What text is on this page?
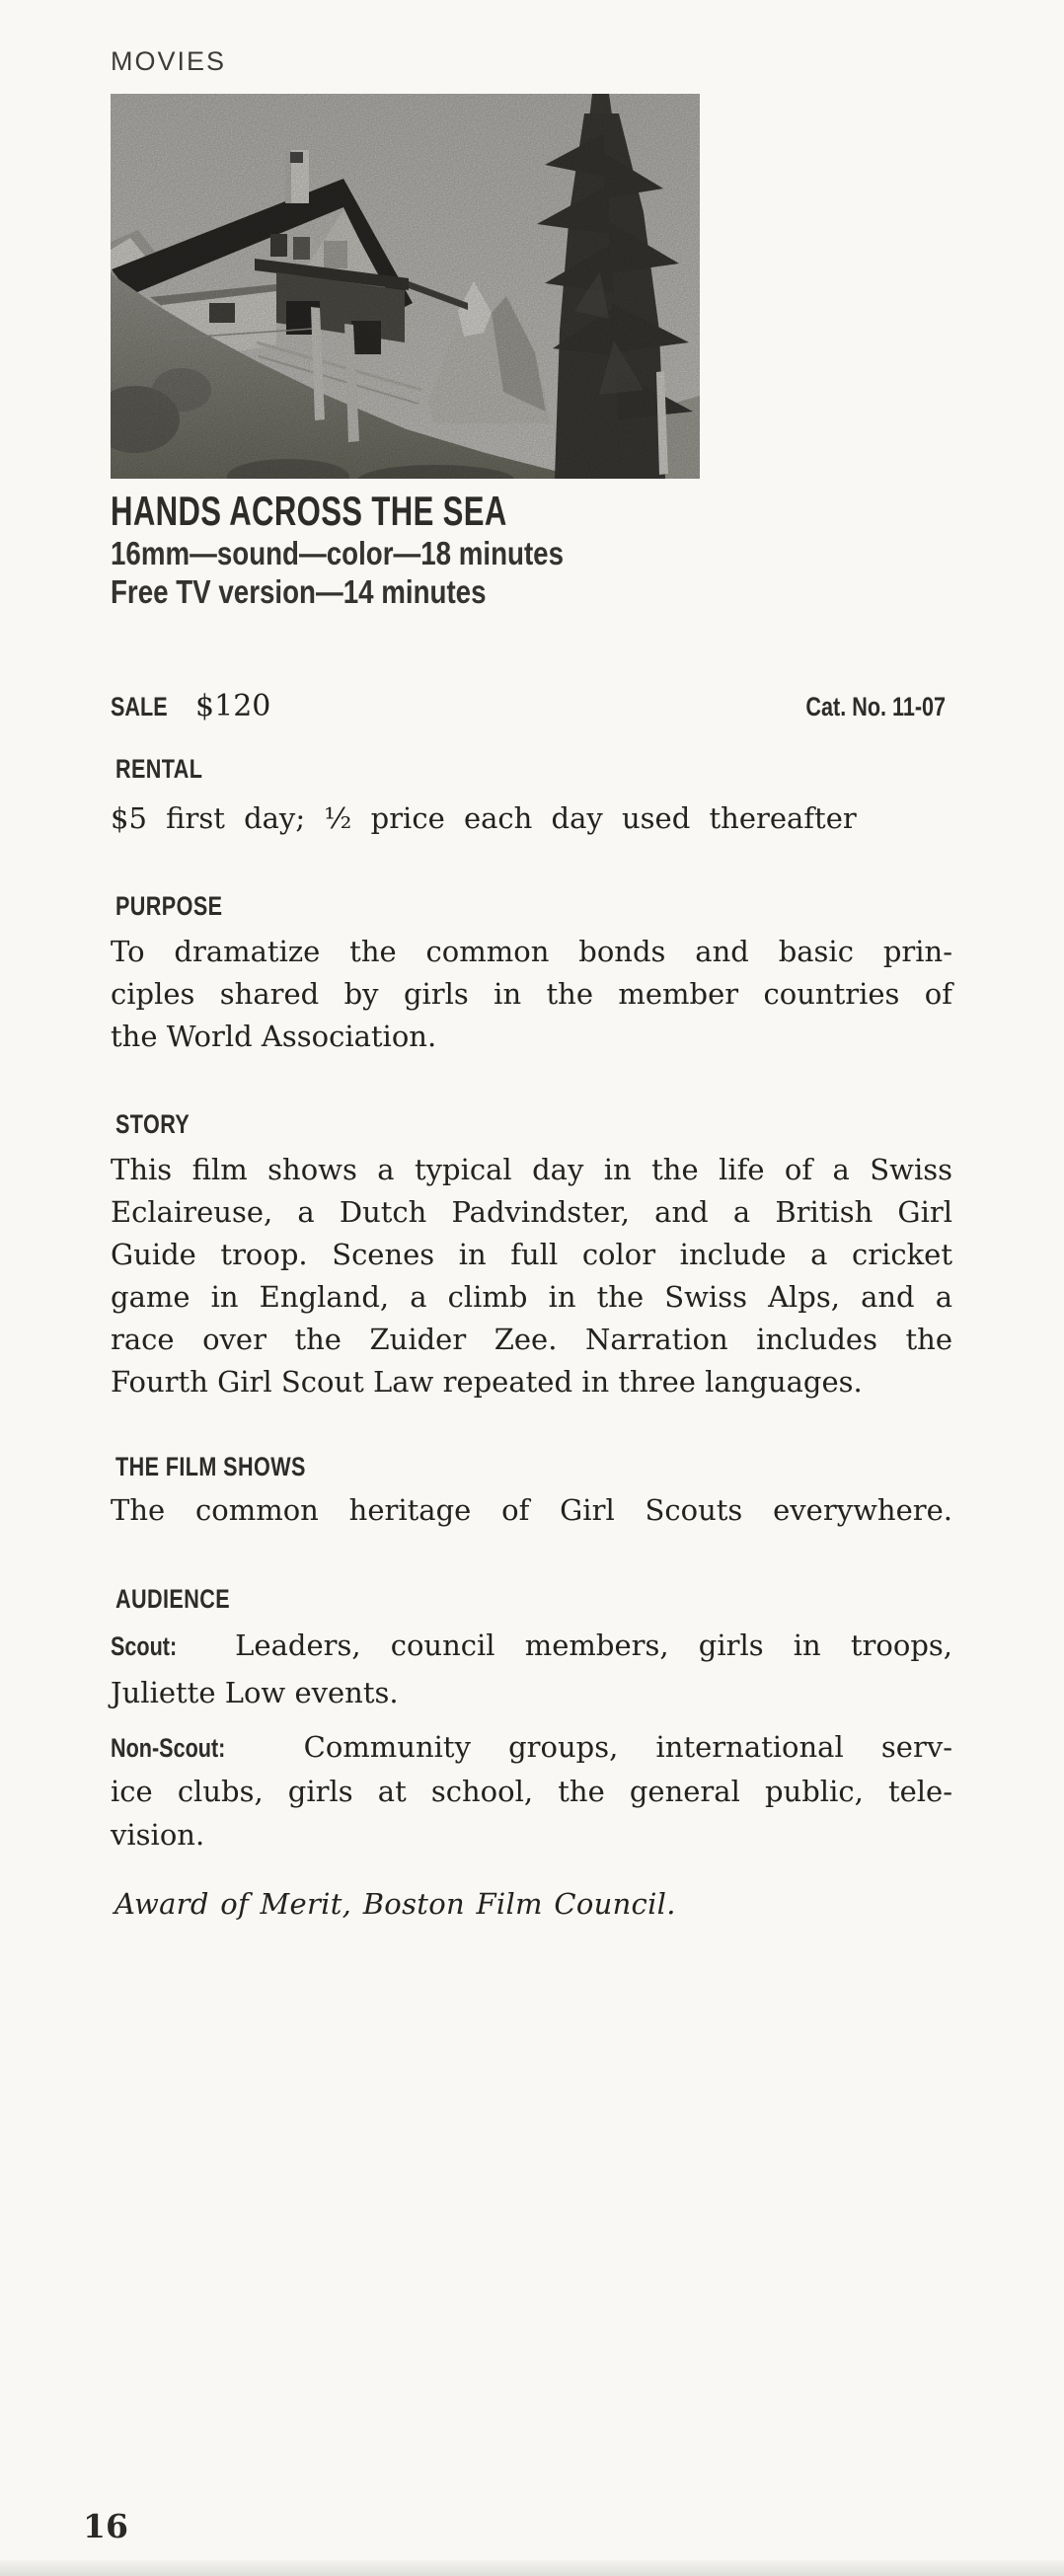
MOVIES
HANDS ACROSS THE SEA
16mm—sound—color—18 minutes
Free TV version—14 minutes
SALE $120	Cat. No. 11-07
RENTAL
$5 first day; ½ price each day used thereafter
PURPOSE
To dramatize the common bonds and basic prin-
ciples shared by girls in the member countries of
the World Association.
STORY
This film shows a typical day in the life of a Swiss
Eclaireuse, a Dutch Padvindster, and a British Girl
Guide troop. Scenes in full color include a cricket
game in England, a climb in the Swiss Alps, and a
race over the Zuider Zee. Narration includes the
Fourth Girl Scout Law repeated in three languages.
THE FILM SHOWS
The common heritage of Girl Scouts everywhere.
AUDIENCE
Scout: Leaders, council members, girls in troops,
Juliette Low events.
Non-Scout:	Community groups, international serv-
ice clubs, girls at school, the general public, tele-
vision.
Award of Merit, Boston Film Council.
16
